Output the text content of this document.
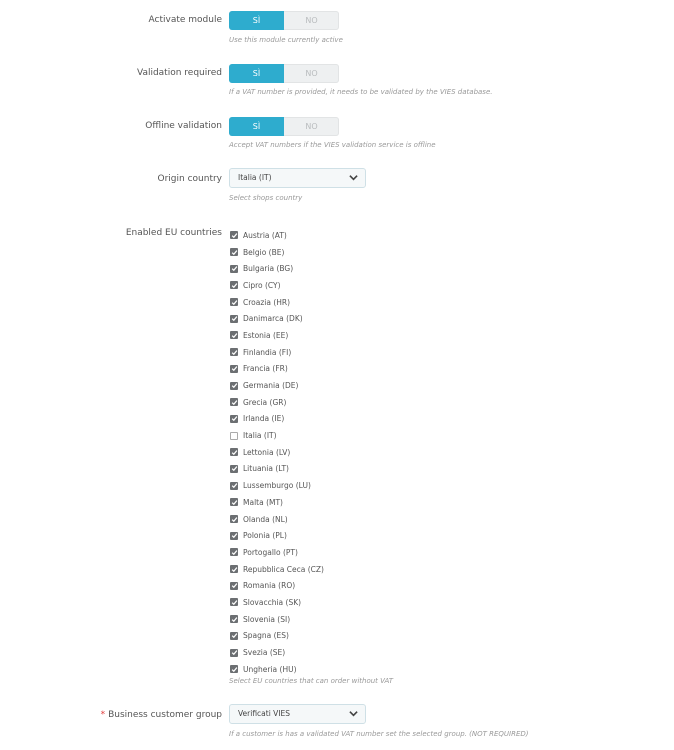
Activate module	SÌ	NO
Use this module currently active
Validation required	SÌ	NO
If a VAT number is provided, it needs to be validated by the VIES database.
Offline validation	SÌ	NO
Accept VAT numbers if the VIES validation service is offline
Origin country	Italia (IT)
Select shops country
Enabled EU countries	Austria (AT)
Belgio (BE)
Bulgaria (BG)
Cipro (CY)
Croazia (HR)
Danimarca (DK)
Estonia (EE)
Finlandia (FI)
Francia (FR)
Germania (DE)
Grecia (GR)
Irlanda (IE)
Italia (IT)
Lettonia (LV)
Lituania (LT)
Lussemburgo (LU)
Malta (MT)
Olanda (NL)
Polonia (PL)
Portogallo (PT)
Repubblica Ceca (CZ)
Romania (RO)
Slovacchia (SK)
Slovenia (SI)
Spagna (ES)
Svezia (SE)
Ungheria (HU)
Select EU countries that can order without VAT
* Business customer group	Verificati VIES
If a customer is has a validated VAT number set the selected group. (NOT REQUIRED)
